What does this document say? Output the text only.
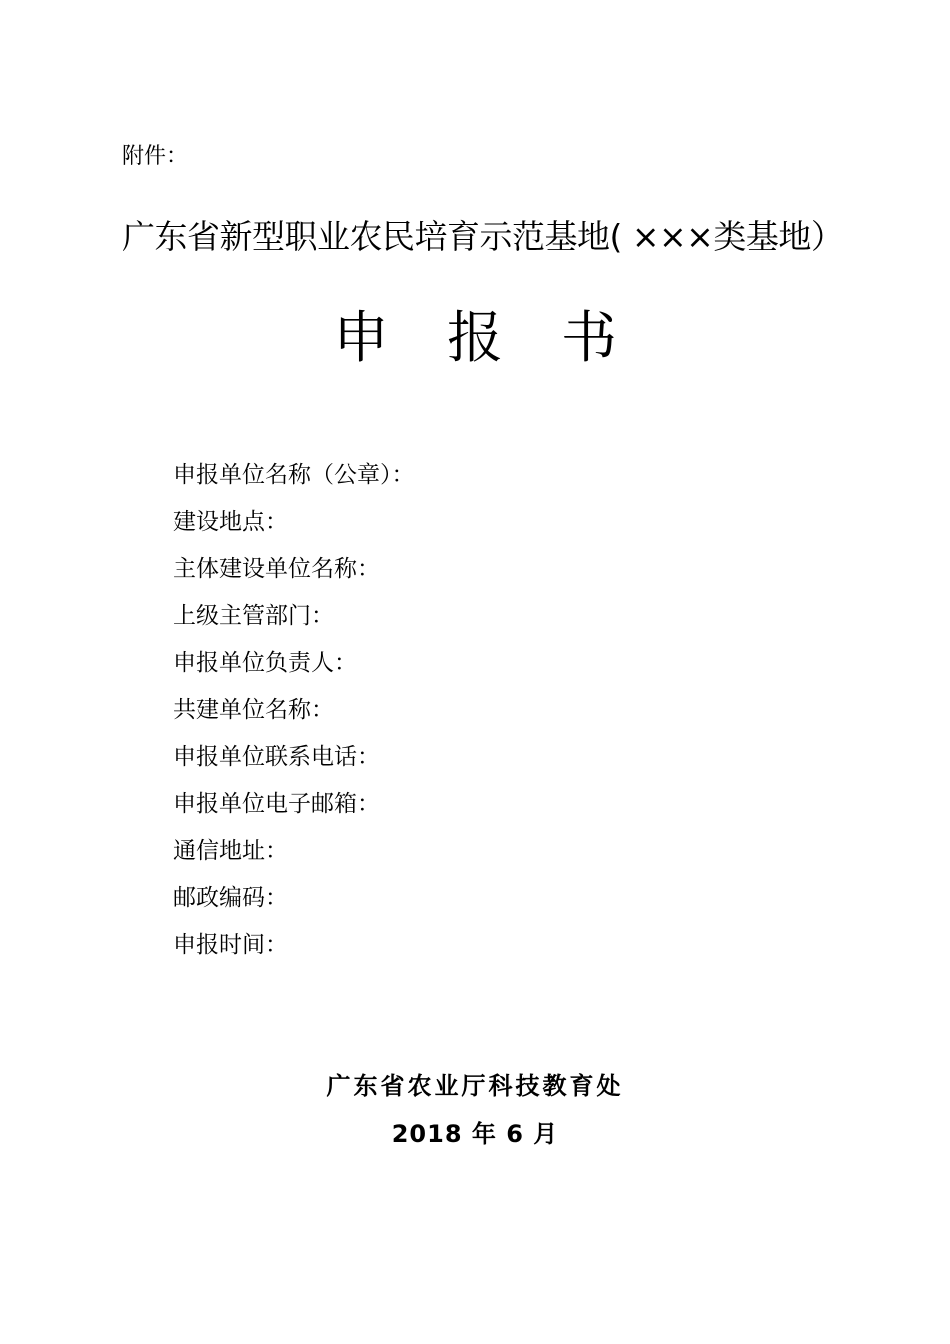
附件：
广东省新型职业农民培育示范基地( ×××类基地）
申报书
申报单位名称（公章）：
建设地点：
主体建设单位名称：
上级主管部门：
申报单位负责人：
共建单位名称：
申报单位联系电话：
申报单位电子邮箱：
通信地址：
邮政编码：
申报时间：
广东省农业厅科技教育处
2018 年 6 月
